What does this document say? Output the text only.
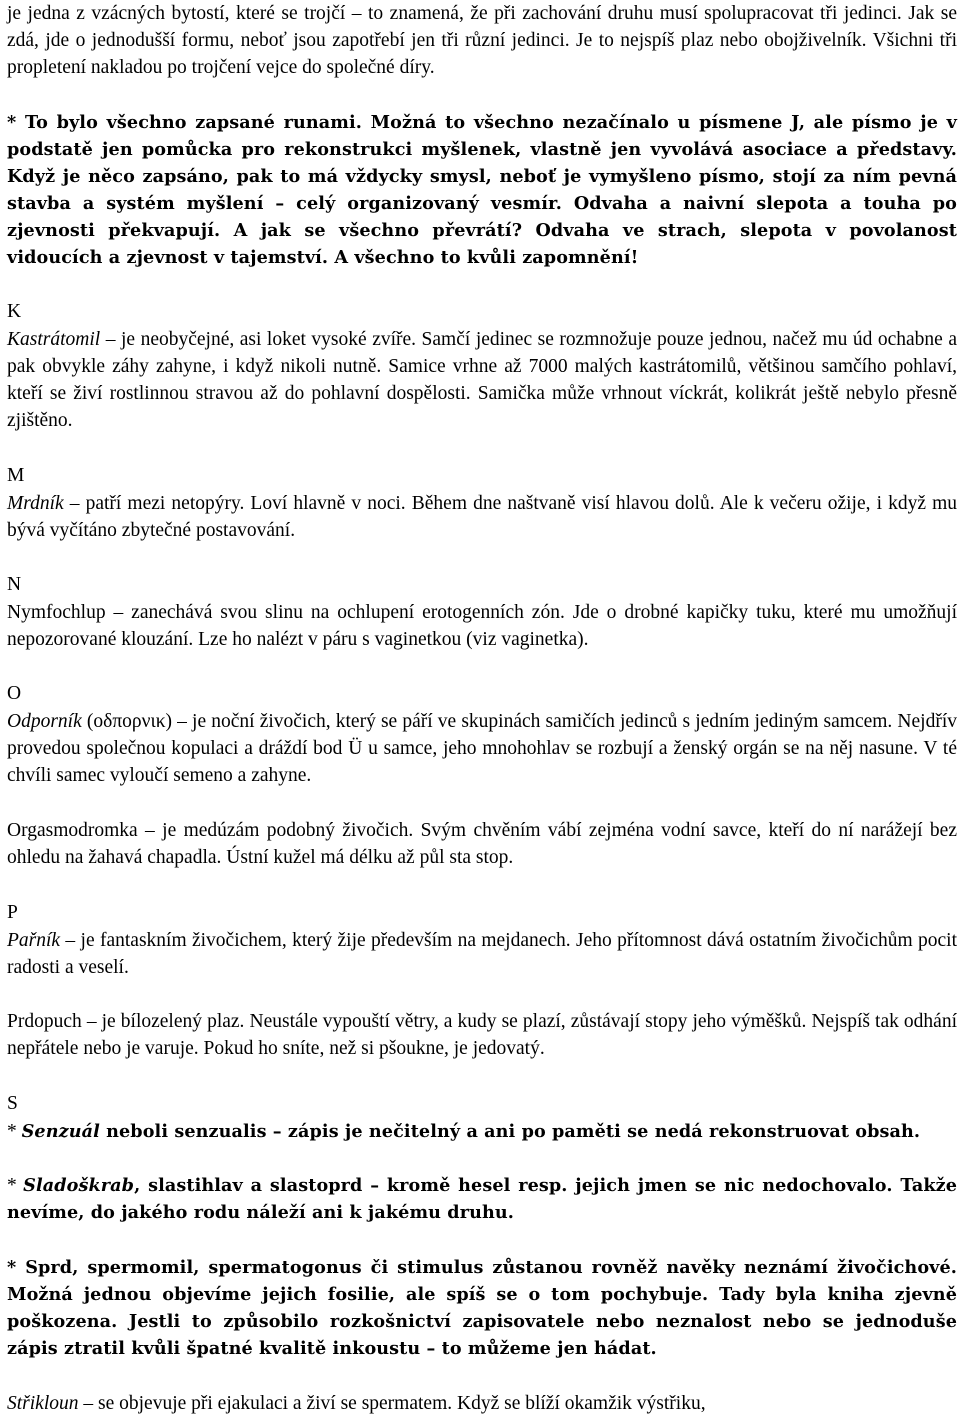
je jedna z vzácných bytostí, které se trojčí – to znamená, že při zachování druhu musí spolupracovat tři jedinci. Jak se zdá, jde o jednodušší formu, neboť jsou zapotřebí jen tři různí jedinci. Je to nejspíš plaz nebo obojživelník. Všichni tři propletení nakladou po trojčení vejce do společné díry.

* To bylo všechno zapsané runami. Možná to všechno nezačínalo u písmene J, ale písmo je v podstatě jen pomůcka pro rekonstrukci myšlenek, vlastně jen vyvolává asociace a představy. Když je něco zapsáno, pak to má vždycky smysl, neboť je vymyšleno písmo, stojí za ním pevná stavba a systém myšlení – celý organizovaný vesmír. Odvaha a naivní slepota a touha po zjevnosti překvapují. A jak se všechno převrátí? Odvaha ve strach, slepota v povolanost vidoucích a zjevnost v tajemství. A všechno to kvůli zapomnění!

K

Kastrátomil – je neobyčejné, asi loket vysoké zvíře. Samčí jedinec se rozmnožuje pouze jednou, načež mu úd ochabne a pak obvykle záhy zahyne, i když nikoli nutně. Samice vrhne až 7000 malých kastrátomilů, většinou samčího pohlaví, kteří se živí rostlinnou stravou až do pohlavní dospělosti. Samička může vrhnout víckrát, kolikrát ještě nebylo přesně zjištěno.

M

Mrdník – patří mezi netopýry. Loví hlavně v noci. Během dne naštvaně visí hlavou dolů. Ale k večeru ožije, i když mu bývá vyčítáno zbytečné postavování.

N

Nymfochlup – zanechává svou slinu na ochlupení erotogenních zón. Jde o drobné kapičky tuku, které mu umožňují nepozorované klouzání. Lze ho nalézt v páru s vaginetkou (viz vaginetka).

O

Odporník (οδπορνικ) – je noční živočich, který se páří ve skupinách samičích jedinců s jedním jediným samcem. Nejdřív provedou společnou kopulaci a dráždí bod Ü u samce, jeho mnohohlav se rozbují a ženský orgán se na něj nasune. V té chvíli samec vyloučí semeno a zahyne.

Orgasmodromka – je medúzám podobný živočich. Svým chvěním vábí zejména vodní savce, kteří do ní narážejí bez ohledu na žahavá chapadla. Ústní kužel má délku až půl sta stop.

P

Pařník – je fantaskním živočichem, který žije především na mejdanech. Jeho přítomnost dává ostatním živočichům pocit radosti a veselí.

Prdopuch – je bílozelený plaz. Neustále vypouští větry, a kudy se plazí, zůstávají stopy jeho výměšků. Nejspíš tak odhání nepřátele nebo je varuje. Pokud ho sníte, než si pšoukne, je jedovatý.

S

* Senzuál neboli senzualis – zápis je nečitelný a ani po paměti se nedá rekonstruovat obsah.

* Sladoškrab, slastihlav a slastoprd – kromě hesel resp. jejich jmen se nic nedochovalo. Takže nevíme, do jakého rodu náleží ani k jakému druhu.

* Sprd, spermomil, spermatogonus či stimulus zůstanou rovněž navěky neznámí živočichové. Možná jednou objevíme jejich fosilie, ale spíš se o tom pochybuje. Tady byla kniha zjevně poškozena. Jestli to způsobilo rozkošnictví zapisovatele nebo neznalost nebo se jednoduše zápis ztratil kvůli špatné kvalitě inkoustu – to můžeme jen hádat.

Střikloun – se objevuje při ejakulaci a živí se spermatem. Když se blíží okamžik výstřiku,
